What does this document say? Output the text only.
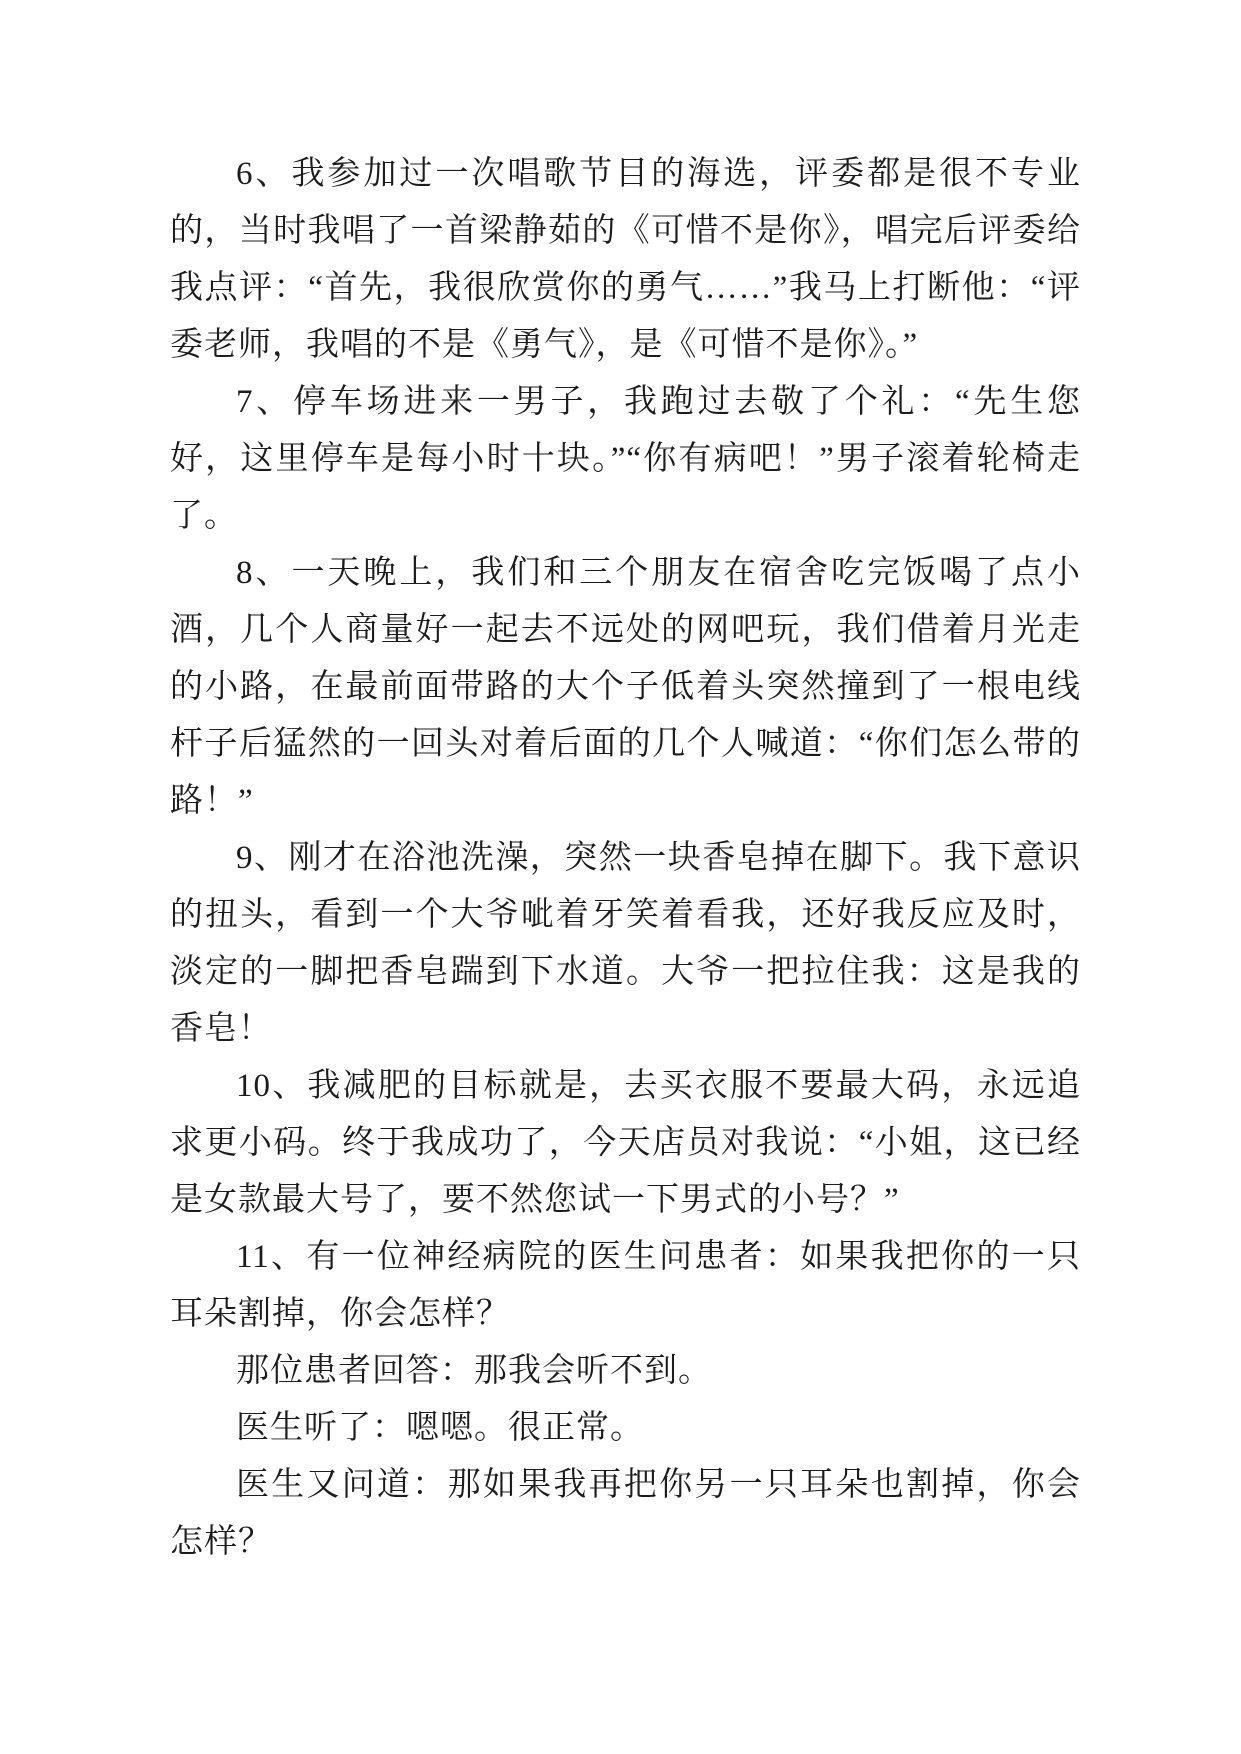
6、我参加过一次唱歌节目的海选，评委都是很不专业的，当时我唱了一首梁静茹的《可惜不是你》，唱完后评委给我点评：“首先，我很欣赏你的勇气……”我马上打断他：“评委老师，我唱的不是《勇气》，是《可惜不是你》。”

7、停车场进来一男子，我跑过去敬了个礼：“先生您好，这里停车是每小时十块。”“你有病吧！”男子滚着轮椅走了。

8、一天晚上，我们和三个朋友在宿舍吃完饭喝了点小酒，几个人商量好一起去不远处的网吧玩，我们借着月光走的小路，在最前面带路的大个子低着头突然撞到了一根电线杆子后猛然的一回头对着后面的几个人喊道：“你们怎么带的路！”

9、刚才在浴池洗澡，突然一块香皂掉在脚下。我下意识的扭头，看到一个大爷呲着牙笑着看我，还好我反应及时，淡定的一脚把香皂踹到下水道。大爷一把拉住我：这是我的香皂！

10、我减肥的目标就是，去买衣服不要最大码，永远追求更小码。终于我成功了，今天店员对我说：“小姐，这已经是女款最大号了，要不然您试一下男式的小号？”

11、有一位神经病院的医生问患者：如果我把你的一只耳朵割掉，你会怎样？

那位患者回答：那我会听不到。

医生听了：嗯嗯。很正常。

医生又问道：那如果我再把你另一只耳朵也割掉，你会怎样？
